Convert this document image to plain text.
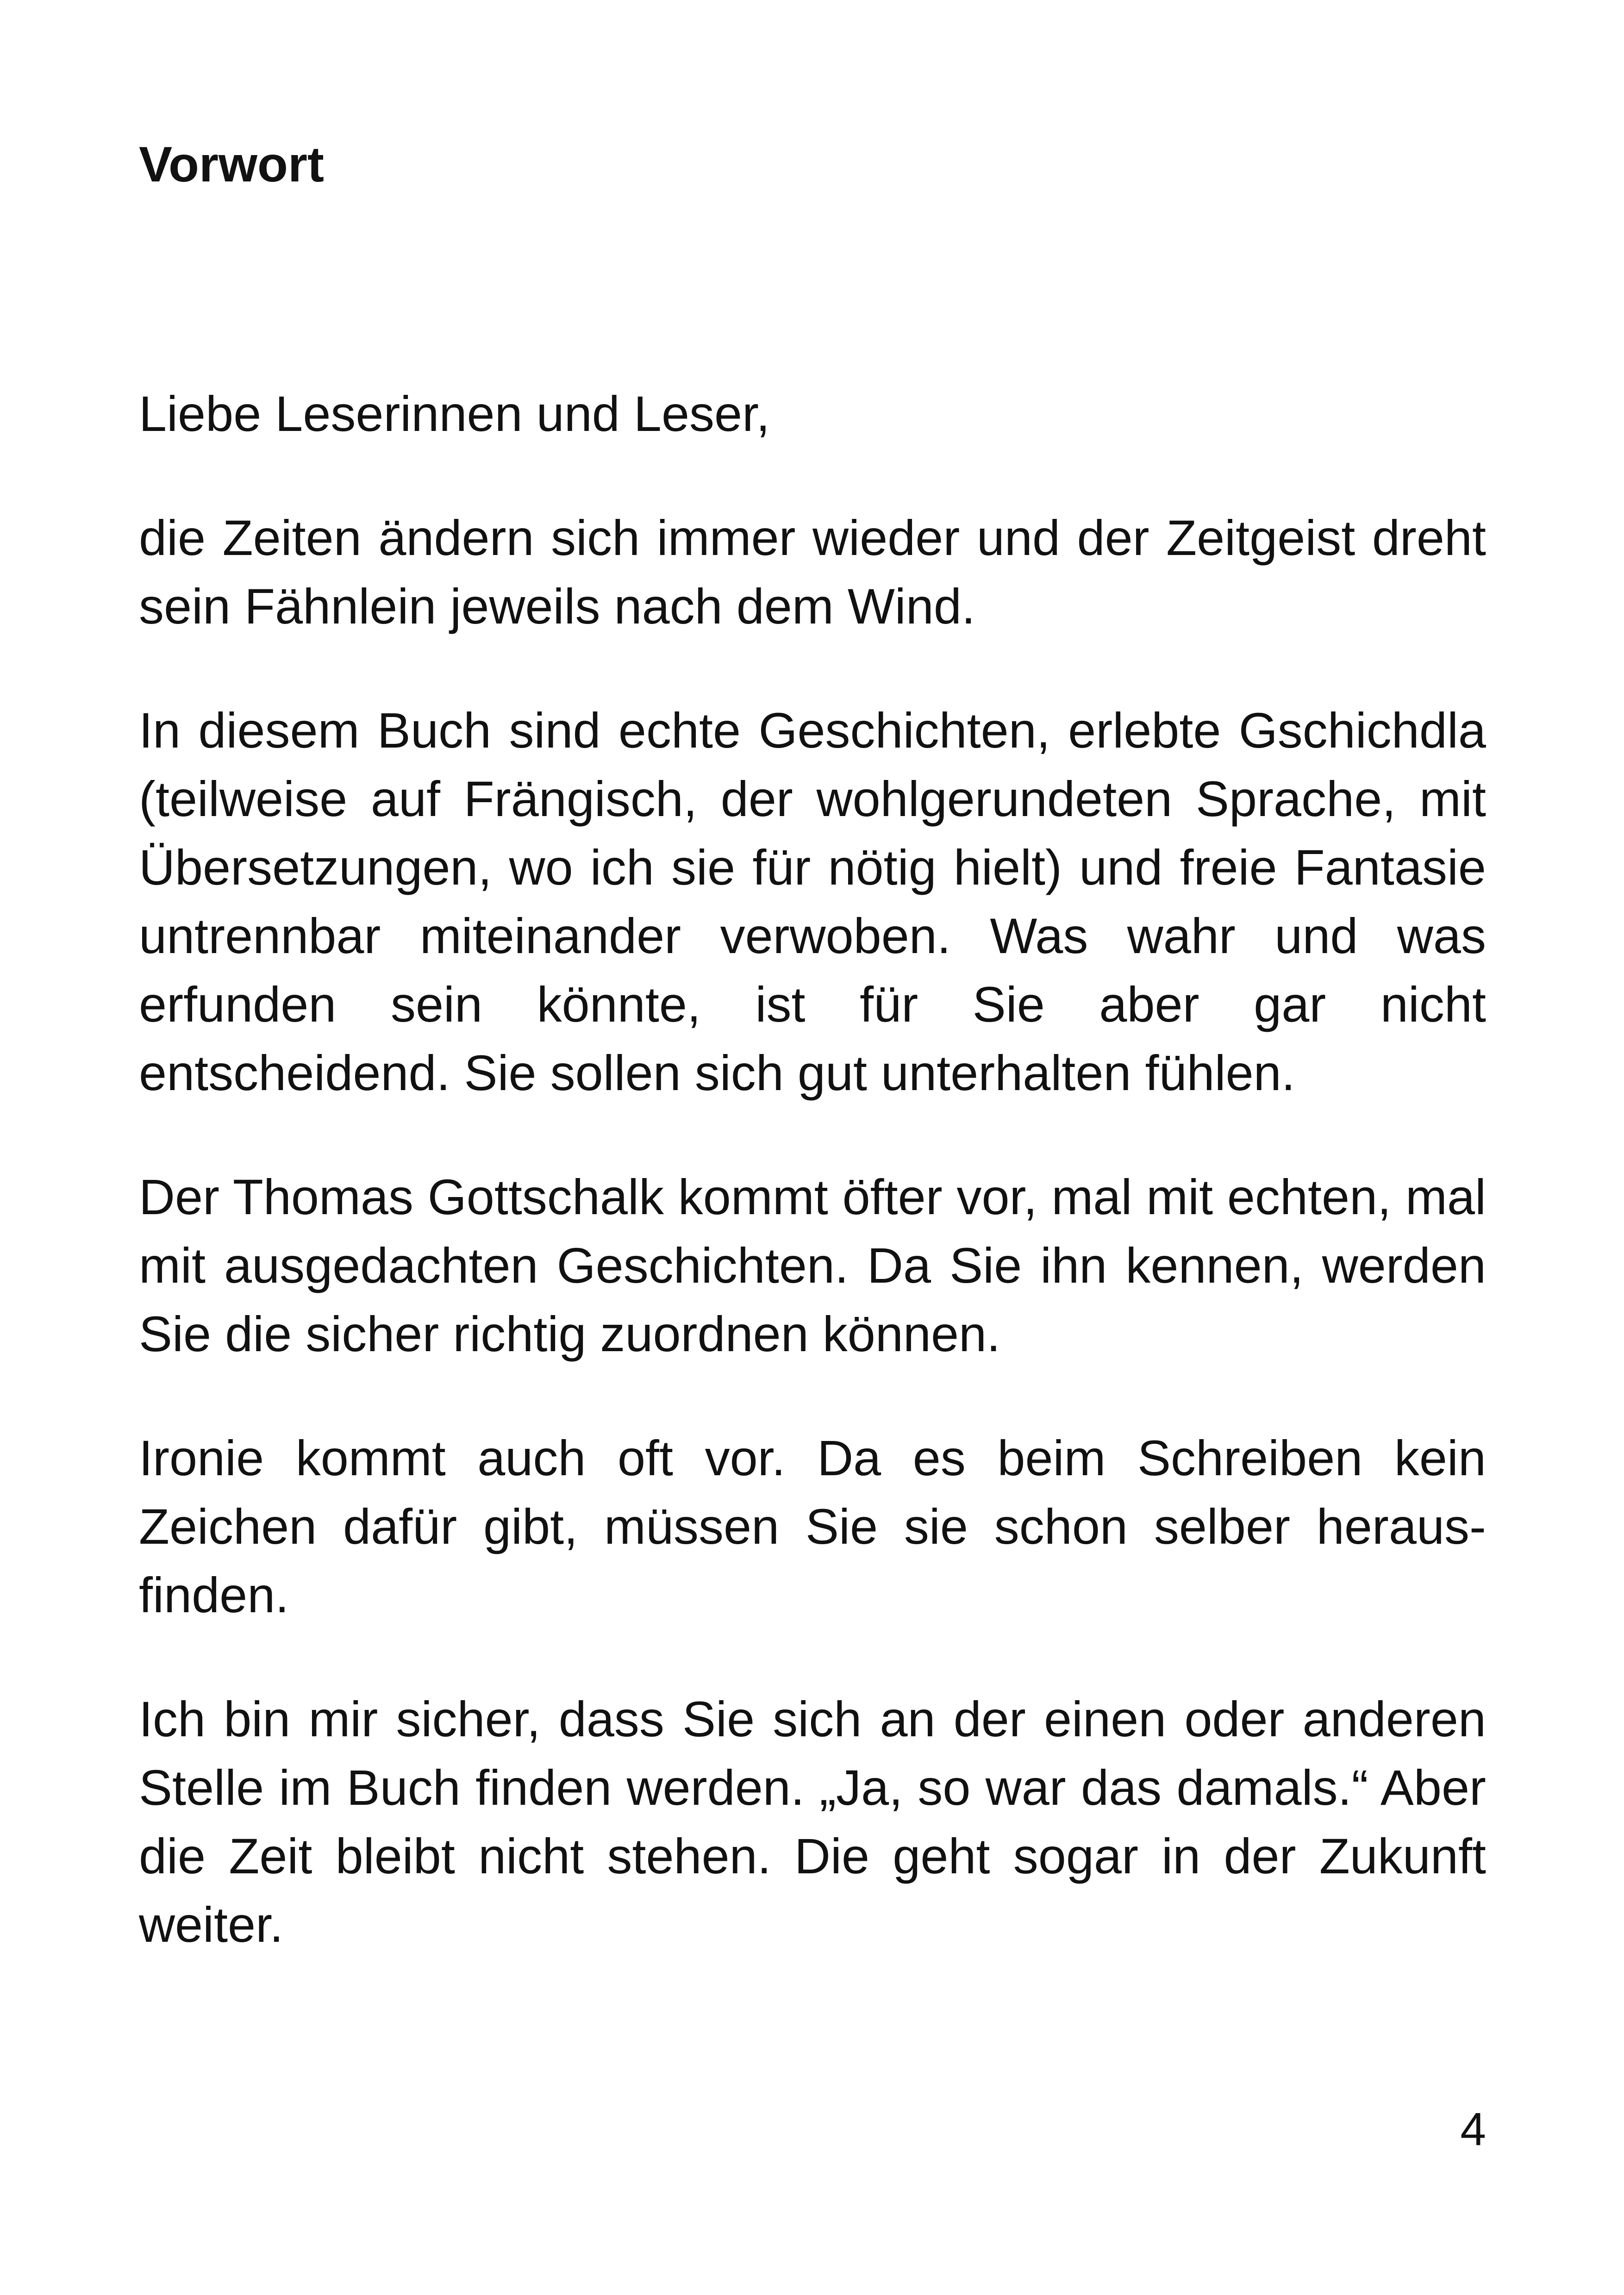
Vorwort

Liebe Leserinnen und Leser,

die Zeiten ändern sich immer wieder und der Zeitgeist dreht sein Fähnlein jeweils nach dem Wind.

In diesem Buch sind echte Geschichten, erlebte Gschichdla (teilweise auf Frängisch, der wohlgerundeten Sprache, mit Übersetzungen, wo ich sie für nötig hielt) und freie Fantasie untrennbar miteinander verwoben. Was wahr und was erfunden sein könnte, ist für Sie aber gar nicht entscheidend. Sie sollen sich gut unterhalten fühlen.

Der Thomas Gottschalk kommt öfter vor, mal mit echten, mal mit ausgedachten Geschichten. Da Sie ihn kennen, werden Sie die sicher richtig zuordnen können.

Ironie kommt auch oft vor. Da es beim Schreiben kein Zeichen dafür gibt, müssen Sie sie schon selber herausfinden.

Ich bin mir sicher, dass Sie sich an der einen oder anderen Stelle im Buch finden werden. „Ja, so war das damals.“ Aber die Zeit bleibt nicht stehen. Die geht sogar in der Zukunft weiter.

4
